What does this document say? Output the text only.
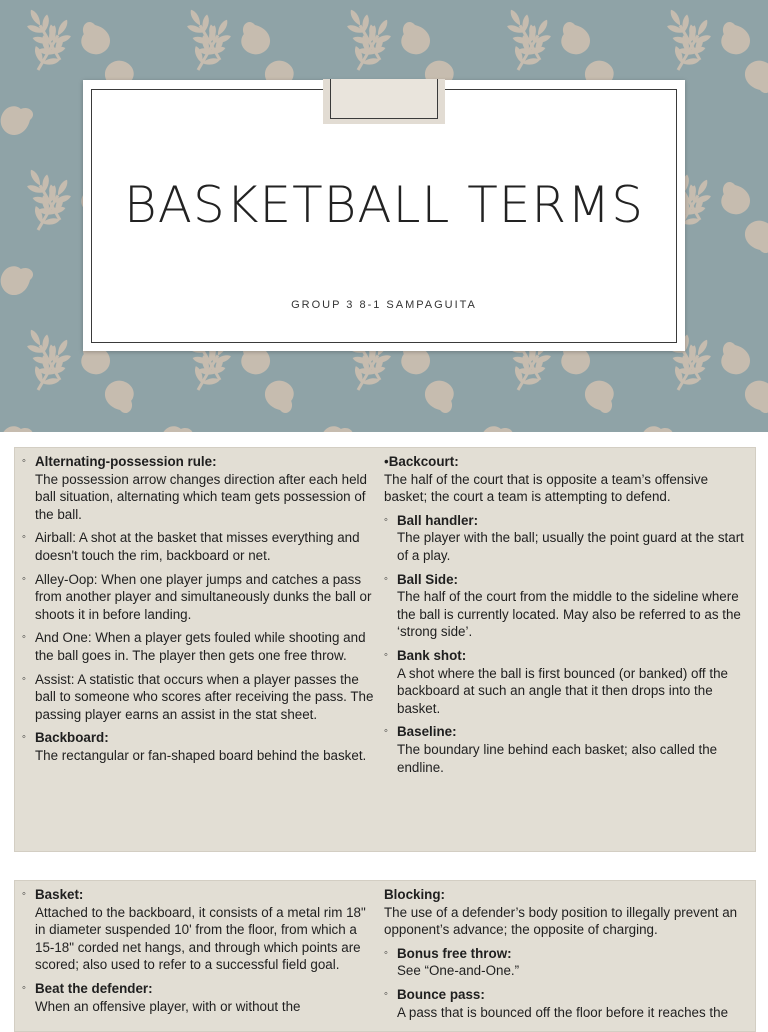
BASKETBALL TERMS
GROUP 3 8-1 SAMPAGUITA
◦ Alternating-possession rule:
The possession arrow changes direction after each held ball situation, alternating which team gets possession of the ball.
◦ Airball: A shot at the basket that misses everything and doesn't touch the rim, backboard or net.
◦ Alley-Oop: When one player jumps and catches a pass from another player and simultaneously dunks the ball or shoots it in before landing.
◦ And One: When a player gets fouled while shooting and the ball goes in. The player then gets one free throw.
◦ Assist: A statistic that occurs when a player passes the ball to someone who scores after receiving the pass. The passing player earns an assist in the stat sheet.
◦ Backboard:
The rectangular or fan-shaped board behind the basket.
•Backcourt:
The half of the court that is opposite a team’s offensive basket; the court a team is attempting to defend.
◦ Ball handler:
The player with the ball; usually the point guard at the start of a play.
◦ Ball Side:
The half of the court from the middle to the sideline where the ball is currently located. May also be referred to as the ‘strong side’.
◦ Bank shot:
A shot where the ball is first bounced (or banked) off the backboard at such an angle that it then drops into the basket.
◦ Baseline:
The boundary line behind each basket; also called the endline.
◦ Basket:
Attached to the backboard, it consists of a metal rim 18" in diameter suspended 10' from the floor, from which a 15-18" corded net hangs, and through which points are scored; also used to refer to a successful field goal.
◦ Beat the defender:
When an offensive player, with or without the
Blocking:
The use of a defender’s body position to illegally prevent an opponent’s advance; the opposite of charging.
◦ Bonus free throw:
See “One-and-One.”
◦ Bounce pass:
A pass that is bounced off the floor before it reaches the
